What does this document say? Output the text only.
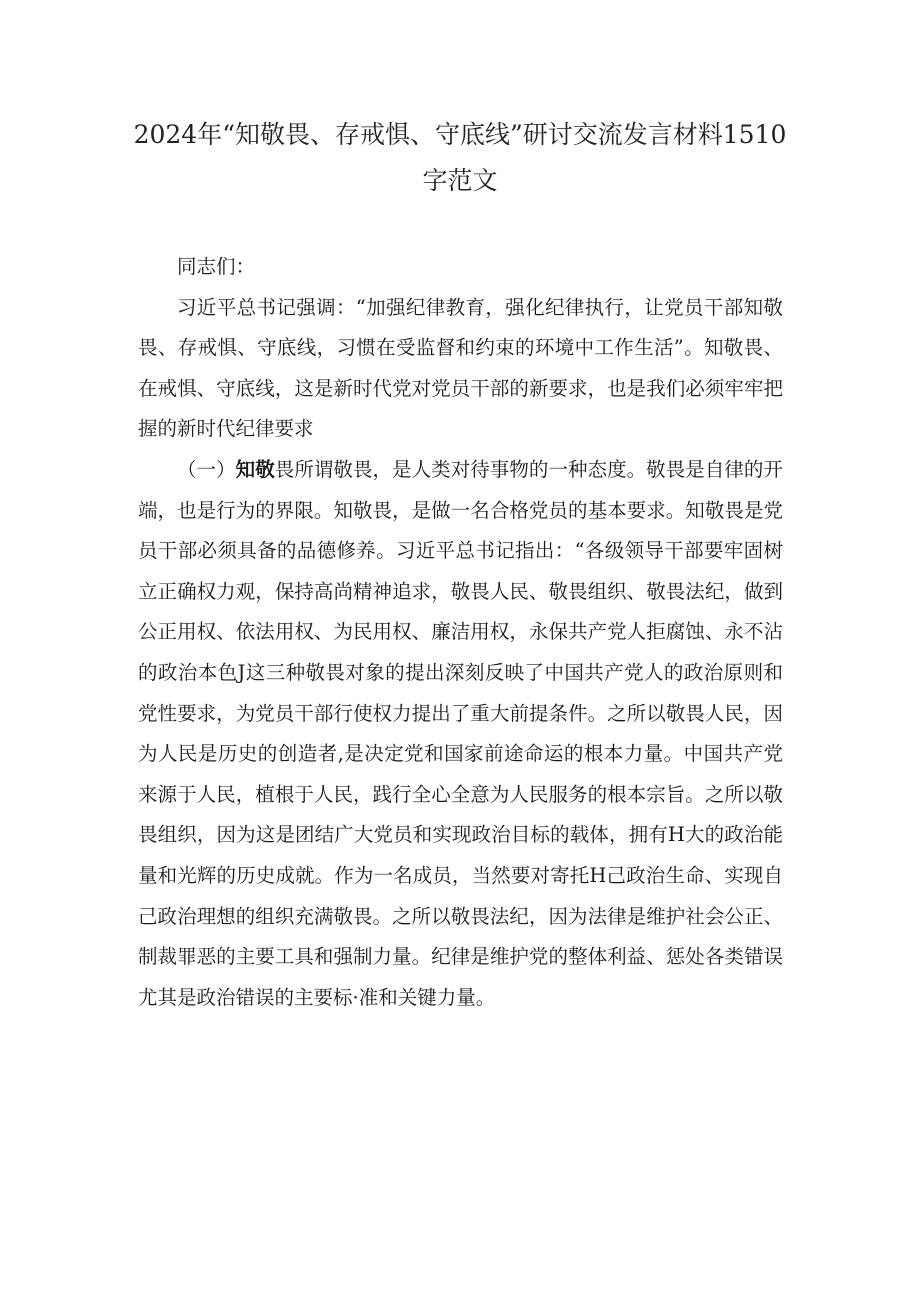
2024年“知敬畏、存戒惧、守底线”研讨交流发言材料1510字范文

同志们：

习近平总书记强调：“加强纪律教育，强化纪律执行，让党员干部知敬畏、存戒惧、守底线，习惯在受监督和约束的环境中工作生活”。知敬畏、在戒惧、守底线，这是新时代党对党员干部的新要求，也是我们必须牢牢把握的新时代纪律要求

（一）知敬畏所谓敬畏，是人类对待事物的一种态度。敬畏是自律的开端，也是行为的界限。知敬畏，是做一名合格党员的基本要求。知敬畏是党员干部必须具备的品德修养。习近平总书记指出：“各级领导干部要牢固树立正确权力观，保持高尚精神追求，敬畏人民、敬畏组织、敬畏法纪，做到公正用权、依法用权、为民用权、廉洁用权，永保共产党人拒腐蚀、永不沾的政治本色J这三种敬畏对象的提出深刻反映了中国共产党人的政治原则和党性要求，为党员干部行使权力提出了重大前提条件。之所以敬畏人民，因为人民是历史的创造者,是决定党和国家前途命运的根本力量。中国共产党来源于人民，植根于人民，践行全心全意为人民服务的根本宗旨。之所以敬畏组织，因为这是团结广大党员和实现政治目标的载体，拥有H大的政治能量和光辉的历史成就。作为一名成员，当然要对寄托H己政治生命、实现自己政治理想的组织充满敬畏。之所以敬畏法纪，因为法律是维护社会公正、制裁罪恶的主要工具和强制力量。纪律是维护党的整体利益、惩处各类错误尤其是政治错误的主要标·准和关键力量。
